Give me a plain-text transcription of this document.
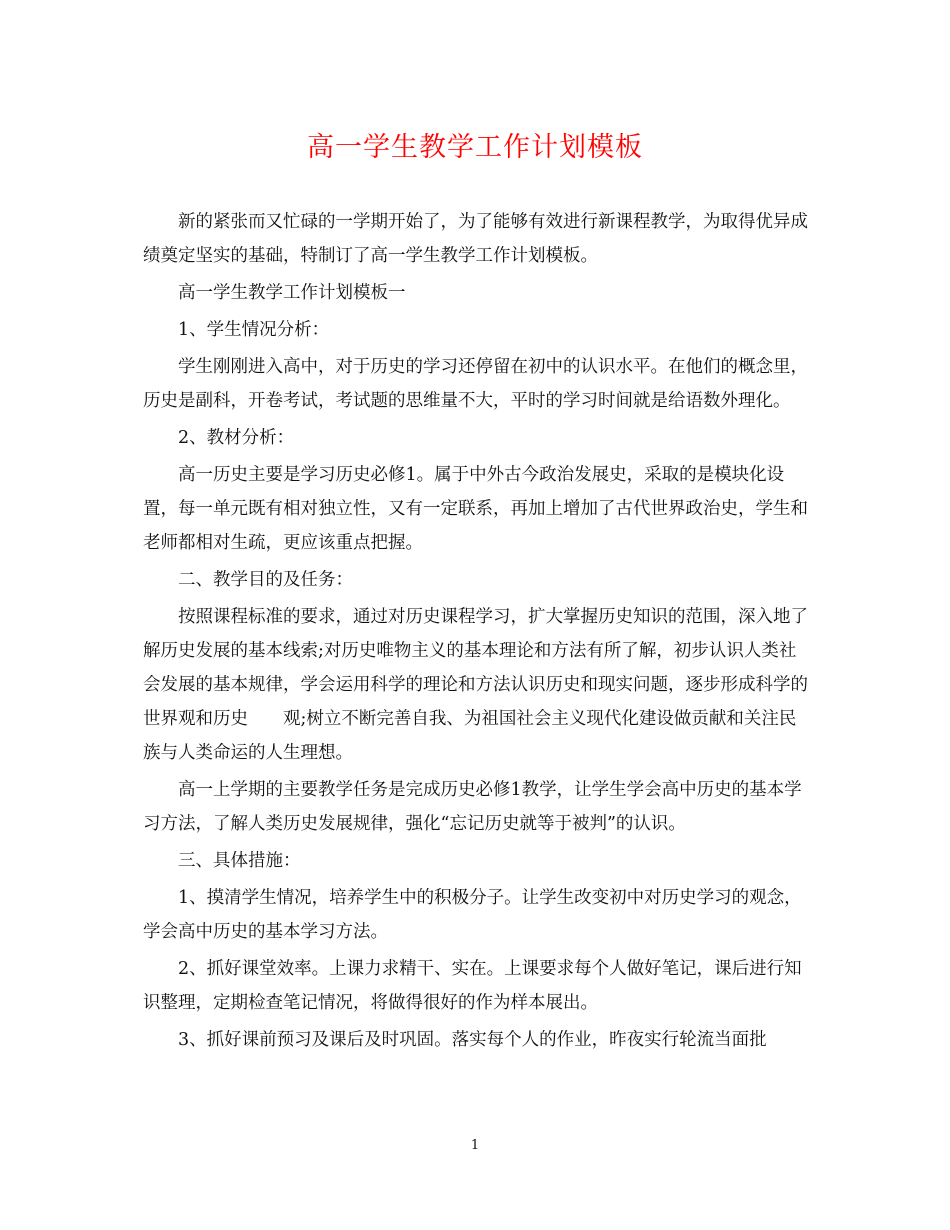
高一学生教学工作计划模板

新的紧张而又忙碌的一学期开始了，为了能够有效进行新课程教学，为取得优异成绩奠定坚实的基础，特制订了高一学生教学工作计划模板。

高一学生教学工作计划模板一

1、学生情况分析：

学生刚刚进入高中，对于历史的学习还停留在初中的认识水平。在他们的概念里，历史是副科，开卷考试，考试题的思维量不大，平时的学习时间就是给语数外理化。

2、教材分析：

高一历史主要是学习历史必修1。属于中外古今政治发展史，采取的是模块化设置，每一单元既有相对独立性，又有一定联系，再加上增加了古代世界政治史，学生和老师都相对生疏，更应该重点把握。

二、教学目的及任务：

按照课程标准的要求，通过对历史课程学习，扩大掌握历史知识的范围，深入地了解历史发展的基本线索;对历史唯物主义的基本理论和方法有所了解，初步认识人类社会发展的基本规律，学会运用科学的理论和方法认识历史和现实问题，逐步形成科学的世界观和历史　　观;树立不断完善自我、为祖国社会主义现代化建设做贡献和关注民族与人类命运的人生理想。

高一上学期的主要教学任务是完成历史必修1教学，让学生学会高中历史的基本学习方法，了解人类历史发展规律，强化“忘记历史就等于被判”的认识。

三、具体措施：

1、摸清学生情况，培养学生中的积极分子。让学生改变初中对历史学习的观念，学会高中历史的基本学习方法。

2、抓好课堂效率。上课力求精干、实在。上课要求每个人做好笔记，课后进行知识整理，定期检查笔记情况，将做得很好的作为样本展出。

3、抓好课前预习及课后及时巩固。落实每个人的作业，昨夜实行轮流当面批

1
